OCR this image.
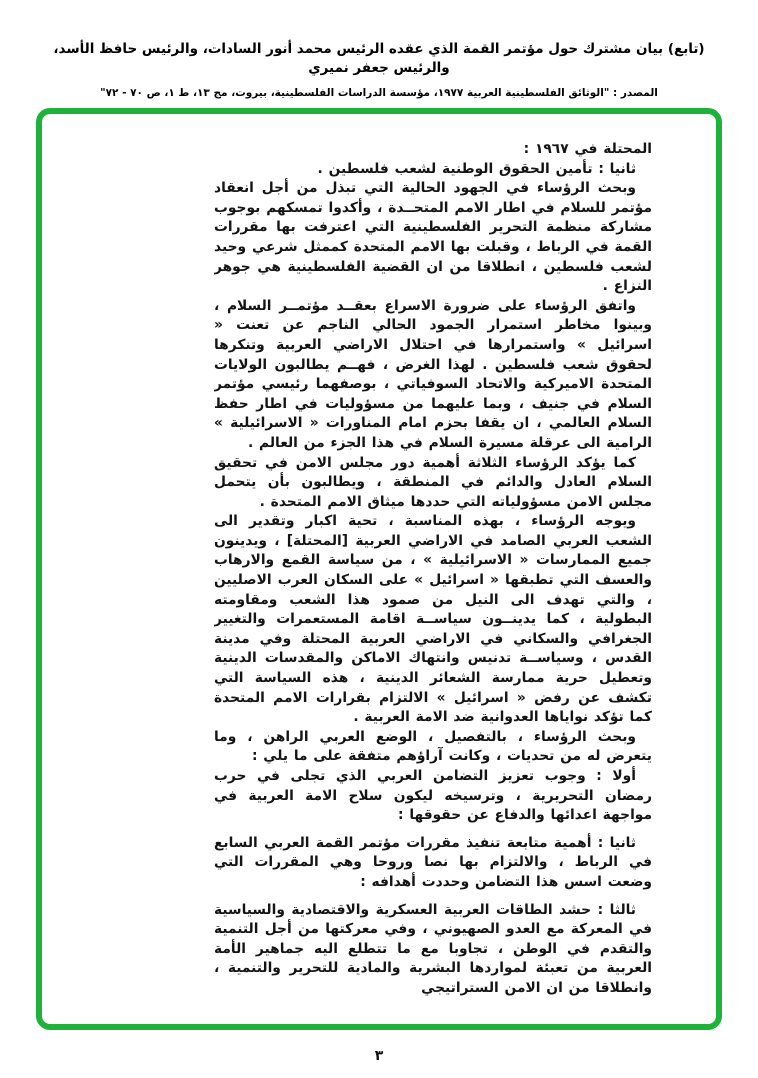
(تابع) بيان مشترك حول مؤتمر القمة الذي عقده الرئيس محمد أنور السادات، والرئيس حافظ الأسد، والرئيس جعفر نميري
المصدر : "الوثائق الفلسطينية العربية ١٩٧٧، مؤسسة الدراسات الفلسطينية، بيروت، مج ١٣، ط ١، ص ٧٠ - ٧٢"

المحتلة في ١٩٦٧ :

ثانيا : تأمين الحقوق الوطنية لشعب فلسطين .

وبحث الرؤساء في الجهود الحالية التي تبذل من أجل انعقاد مؤتمر للسلام في اطار الامم المتحــدة ، وأكدوا تمسكهم بوجوب مشاركة منظمة التحرير الفلسطينية التي اعترفت بها مقررات القمة في الرباط ، وقبلت بها الامم المتحدة كممثل شرعي وحيد لشعب فلسطين ، انطلاقا من ان القضية الفلسطينية هي جوهر النزاع .

واتفق الرؤساء على ضرورة الاسراع بعقــد مؤتمــر السلام ، وبينوا مخاطر استمرار الجمود الحالي الناجم عن تعنت « اسرائيل » واستمرارها في احتلال الاراضي العربية وتنكرها لحقوق شعب فلسطين . لهذا الغرض ، فهــم يطالبون الولايات المتحدة الاميركية والاتحاد السوفياتي ، بوصفهما رئيسي مؤتمر السلام في جنيف ، وبما عليهما من مسؤوليات في اطار حفظ السلام العالمي ، ان يقفا بحزم امام المناورات « الاسرائيلية » الرامية الى عرقلة مسيرة السلام في هذا الجزء من العالم .

كما يؤكد الرؤساء الثلاثة أهمية دور مجلس الامن في تحقيق السلام العادل والدائم في المنطقة ، ويطالبون بأن يتحمل مجلس الامن مسؤولياته التي حددها ميثاق الامم المتحدة .

ويوجه الرؤساء ، بهذه المناسبة ، تحية اكبار وتقدير الى الشعب العربي الصامد في الاراضي العربية [المحتلة] ، ويدينون جميع الممارسات « الاسرائيلية » ، من سياسة القمع والارهاب والعسف التي تطبقها « اسرائيل » على السكان العرب الاصليين ، والتي تهدف الى النيل من صمود هذا الشعب ومقاومته البطولية ، كما يدينــون سياســة اقامة المستعمرات والتغيير الجغرافي والسكاني في الاراضي العربية المحتلة وفي مدينة القدس ، وسياســة تدنيس وانتهاك الاماكن والمقدسات الدينية وتعطيل حرية ممارسة الشعائر الدينية ، هذه السياسة التي تكشف عن رفض « اسرائيل » الالتزام بقرارات الامم المتحدة كما تؤكد نواياها العدوانية ضد الامة العربية .

وبحث الرؤساء ، بالتفصيل ، الوضع العربي الراهن ، وما يتعرض له من تحديات ، وكانت آراؤهم متفقة على ما يلي :

أولا : وجوب تعزيز التضامن العربي الذي تجلى في حرب رمضان التحريرية ، وترسيخه ليكون سلاح الامة العربية في مواجهة اعدائها والدفاع عن حقوقها :

ثانيا : أهمية متابعة تنفيذ مقررات مؤتمر القمة العربي السابع في الرباط ، والالتزام بها نصا وروحا وهي المقررات التي وضعت اسس هذا التضامن وحددت أهدافه :

ثالثا : حشد الطاقات العربية العسكرية والاقتصادية والسياسية في المعركة مع العدو الصهيوني ، وفي معركتها من أجل التنمية والتقدم في الوطن ، تجاوبا مع ما تتطلع اليه جماهير الأمة العربية من تعبئة لمواردها البشرية والمادية للتحرير والتنمية ، وانطلاقا من ان الامن الستراتيجي

٣
